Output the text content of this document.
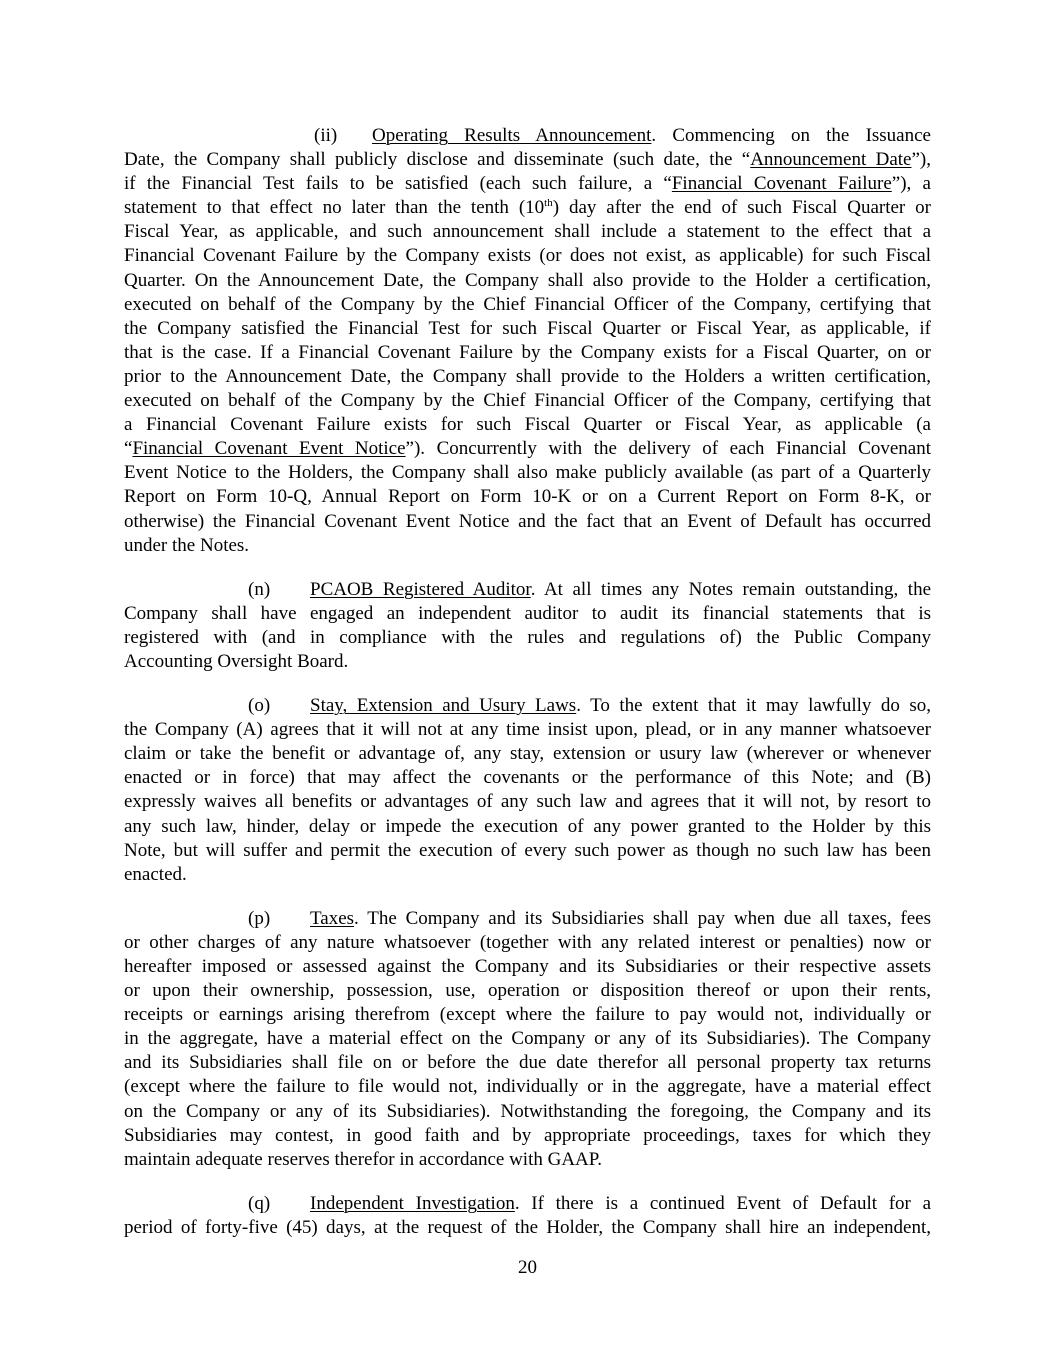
(ii) Operating Results Announcement. Commencing on the Issuance
Date, the Company shall publicly disclose and disseminate (such date, the “Announcement Date”),
if the Financial Test fails to be satisfied (each such failure, a “Financial Covenant Failure”), a
statement to that effect no later than the tenth (10th) day after the end of such Fiscal Quarter or
Fiscal Year, as applicable, and such announcement shall include a statement to the effect that a
Financial Covenant Failure by the Company exists (or does not exist, as applicable) for such Fiscal
Quarter. On the Announcement Date, the Company shall also provide to the Holder a certification,
executed on behalf of the Company by the Chief Financial Officer of the Company, certifying that
the Company satisfied the Financial Test for such Fiscal Quarter or Fiscal Year, as applicable, if
that is the case. If a Financial Covenant Failure by the Company exists for a Fiscal Quarter, on or
prior to the Announcement Date, the Company shall provide to the Holders a written certification,
executed on behalf of the Company by the Chief Financial Officer of the Company, certifying that
a Financial Covenant Failure exists for such Fiscal Quarter or Fiscal Year, as applicable (a
“Financial Covenant Event Notice”). Concurrently with the delivery of each Financial Covenant
Event Notice to the Holders, the Company shall also make publicly available (as part of a Quarterly
Report on Form 10-Q, Annual Report on Form 10-K or on a Current Report on Form 8-K, or
otherwise) the Financial Covenant Event Notice and the fact that an Event of Default has occurred
under the Notes.
(n) PCAOB Registered Auditor. At all times any Notes remain outstanding, the
Company shall have engaged an independent auditor to audit its financial statements that is
registered with (and in compliance with the rules and regulations of) the Public Company
Accounting Oversight Board.
(o) Stay, Extension and Usury Laws. To the extent that it may lawfully do so,
the Company (A) agrees that it will not at any time insist upon, plead, or in any manner whatsoever
claim or take the benefit or advantage of, any stay, extension or usury law (wherever or whenever
enacted or in force) that may affect the covenants or the performance of this Note; and (B)
expressly waives all benefits or advantages of any such law and agrees that it will not, by resort to
any such law, hinder, delay or impede the execution of any power granted to the Holder by this
Note, but will suffer and permit the execution of every such power as though no such law has been
enacted.
(p) Taxes. The Company and its Subsidiaries shall pay when due all taxes, fees
or other charges of any nature whatsoever (together with any related interest or penalties) now or
hereafter imposed or assessed against the Company and its Subsidiaries or their respective assets
or upon their ownership, possession, use, operation or disposition thereof or upon their rents,
receipts or earnings arising therefrom (except where the failure to pay would not, individually or
in the aggregate, have a material effect on the Company or any of its Subsidiaries). The Company
and its Subsidiaries shall file on or before the due date therefor all personal property tax returns
(except where the failure to file would not, individually or in the aggregate, have a material effect
on the Company or any of its Subsidiaries). Notwithstanding the foregoing, the Company and its
Subsidiaries may contest, in good faith and by appropriate proceedings, taxes for which they
maintain adequate reserves therefor in accordance with GAAP.
(q) Independent Investigation. If there is a continued Event of Default for a
period of forty-five (45) days, at the request of the Holder, the Company shall hire an independent,
20
